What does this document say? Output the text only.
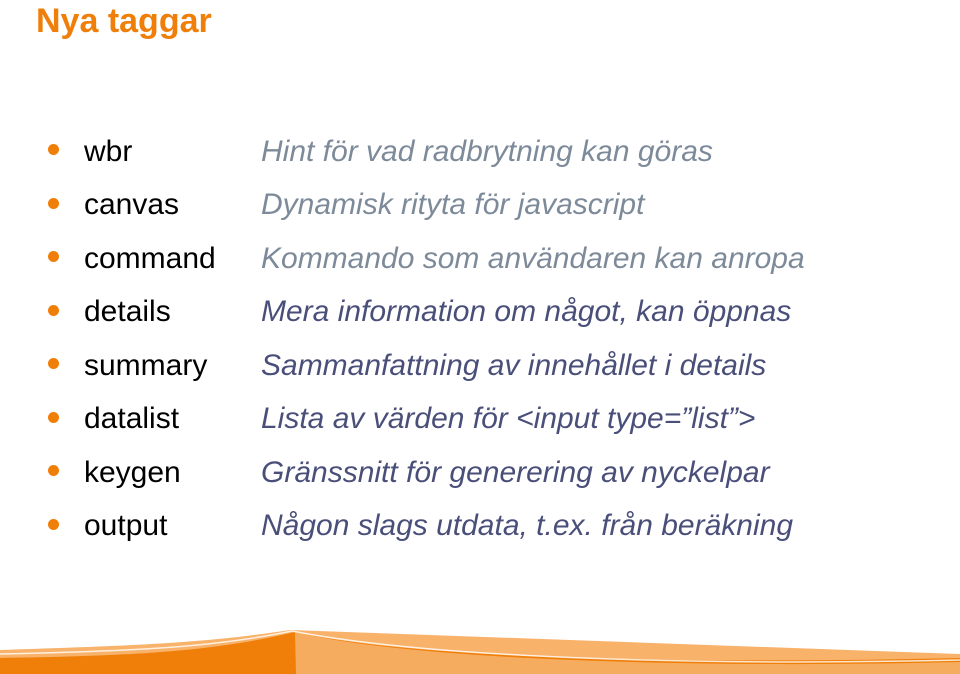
Nya taggar
wbr	Hint för vad radbrytning kan göras
canvas	Dynamisk rityta för javascript
command	Kommando som användaren kan anropa
details	Mera information om något, kan öppnas
summary	Sammanfattning av innehållet i details
datalist	Lista av värden för <input type=”list”>
keygen	Gränssnitt för generering av nyckelpar
output	Någon slags utdata, t.ex. från beräkning
